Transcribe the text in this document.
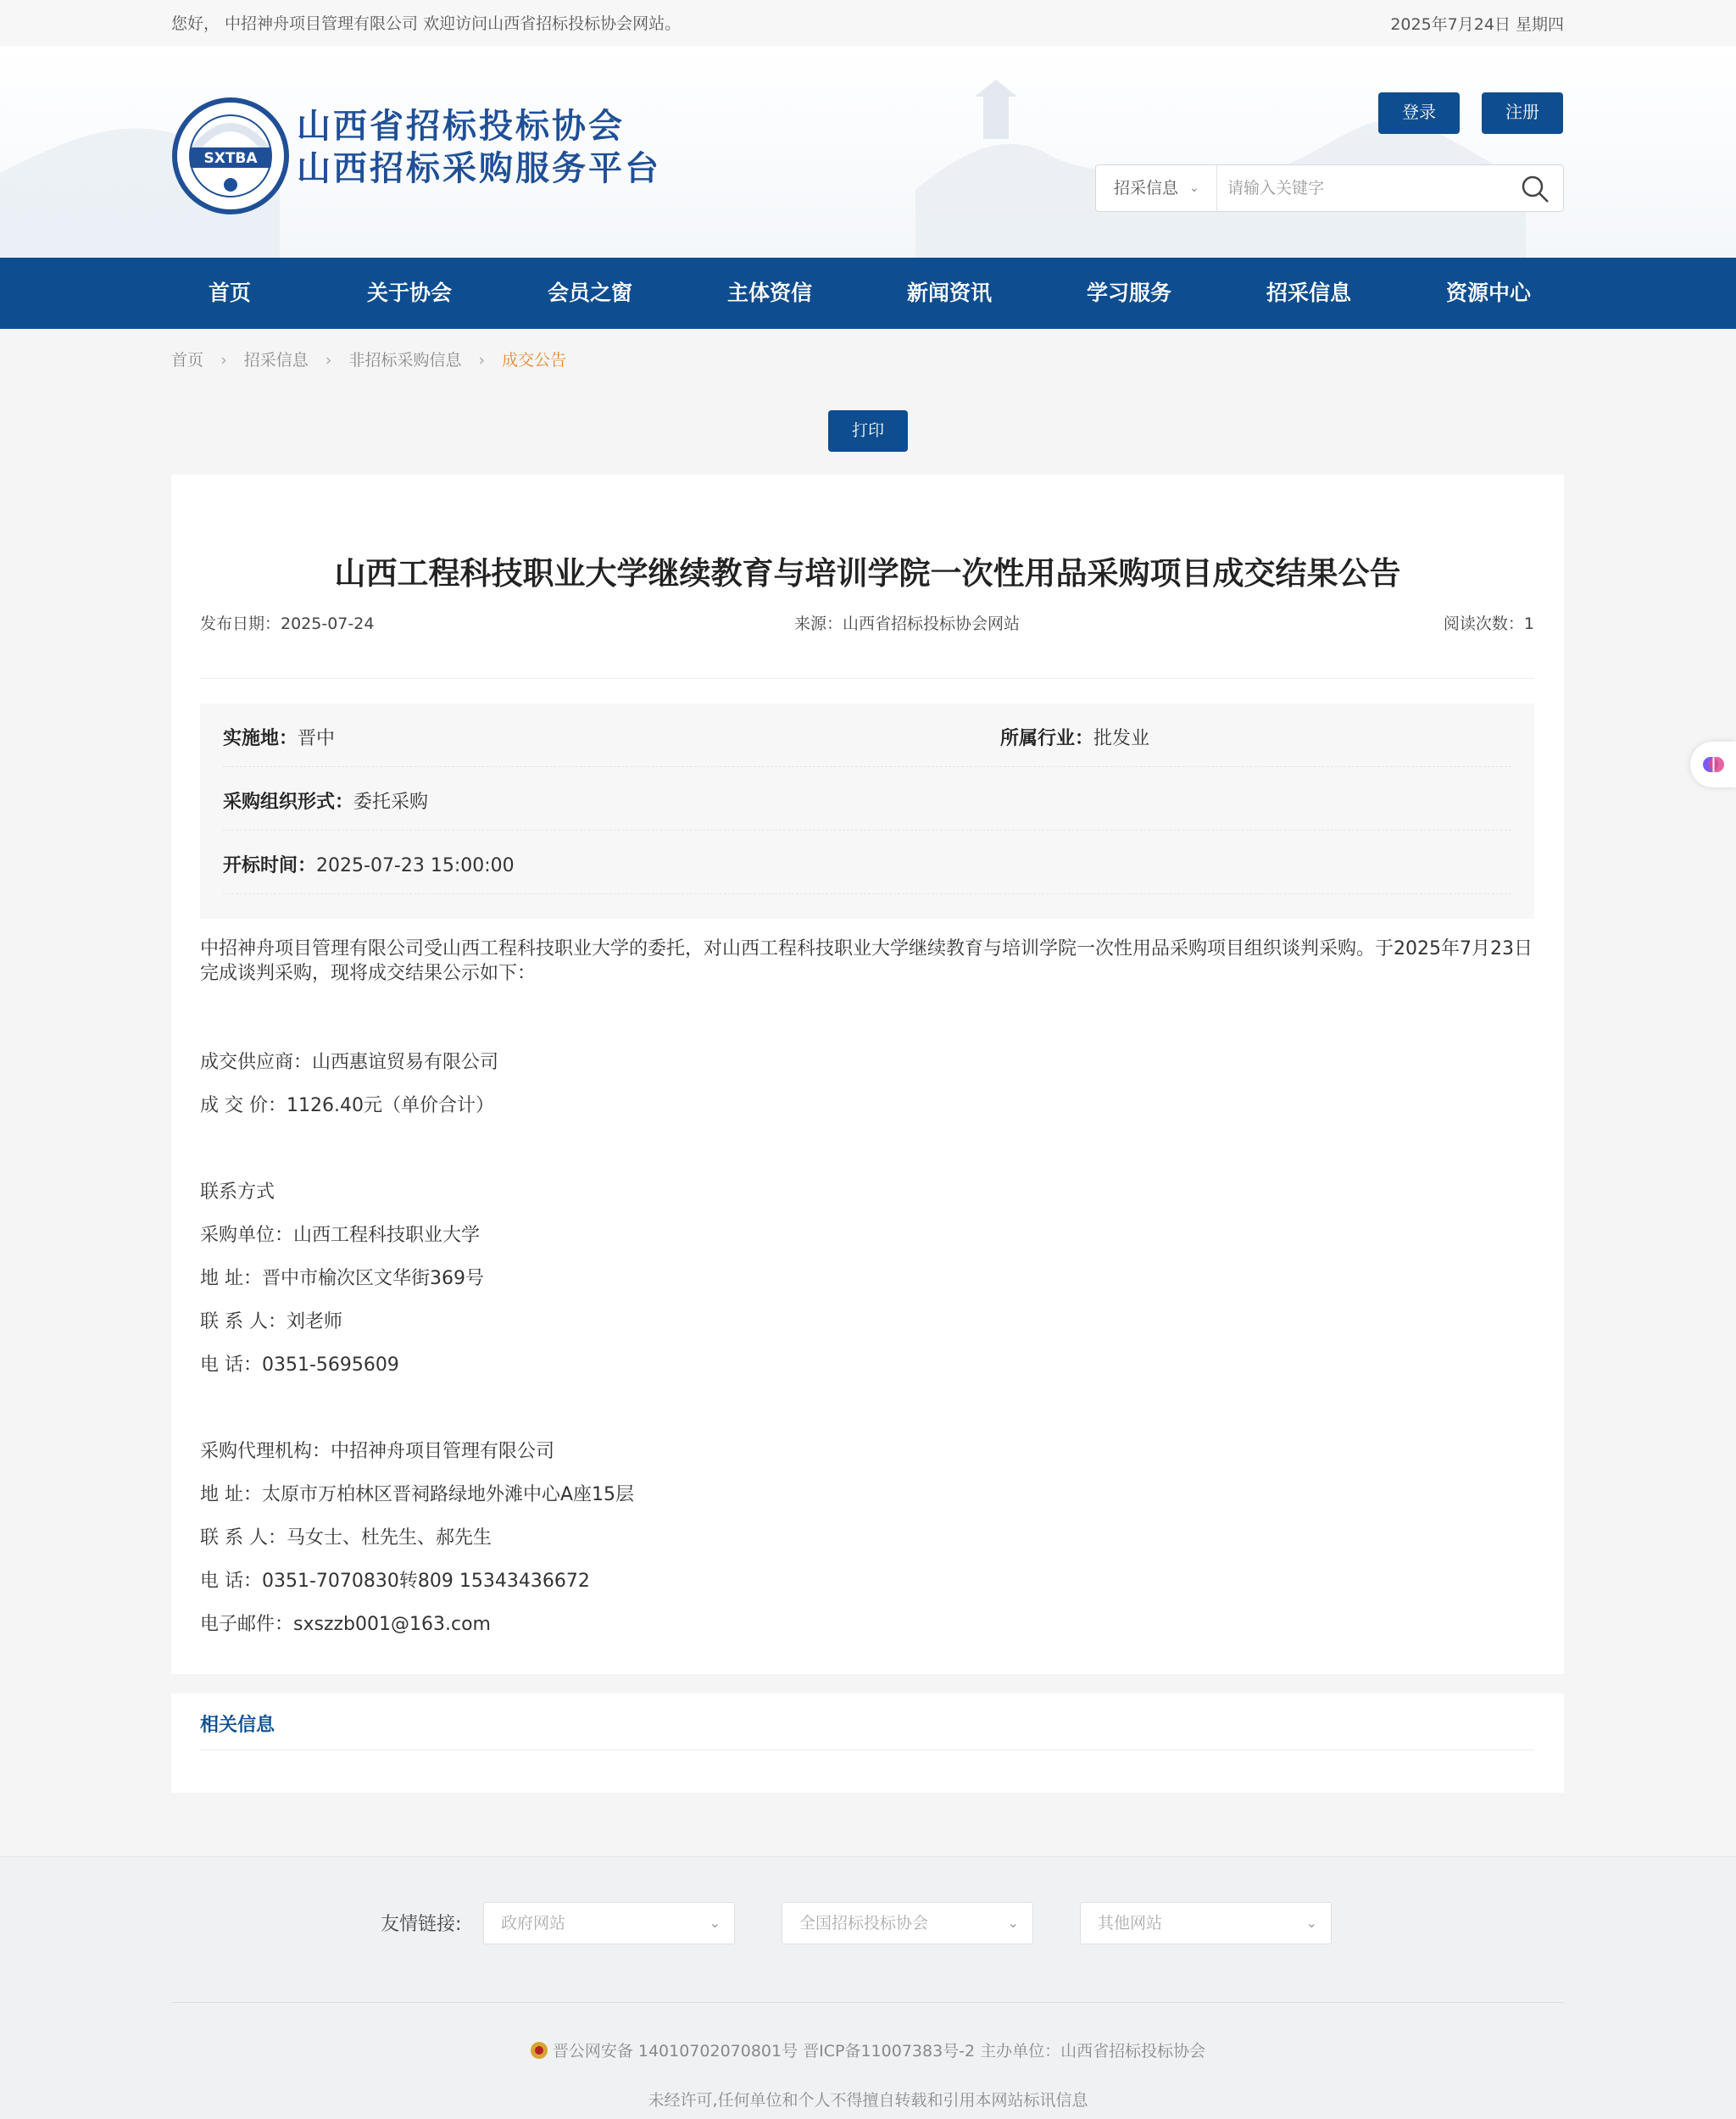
您好， 中招神舟项目管理有限公司 欢迎访问山西省招标投标协会网站。	2025年7月24日 星期四
SXTBA
山西省招标投标协会
山西招标采购服务平台
登录	注册
招采信息 ⌄
请输入关键字
首页	关于协会	会员之窗	主体资信	新闻资讯	学习服务	招采信息	资源中心
首页 › 招采信息 › 非招标采购信息 › 成交公告
打印
山西工程科技职业大学继续教育与培训学院一次性用品采购项目成交结果公告
发布日期：2025-07-24	来源：山西省招标投标协会网站	阅读次数：1
实施地：晋中	所属行业：批发业
采购组织形式：委托采购
开标时间：2025-07-23 15:00:00

中招神舟项目管理有限公司受山西工程科技职业大学的委托，对山西工程科技职业大学继续教育与培训学院一次性用品采购项目组织谈判采购。于2025年7月23日完成谈判采购，现将成交结果公示如下：

成交供应商：山西惠谊贸易有限公司
成 交 价：1126.40元（单价合计）
联系方式
采购单位：山西工程科技职业大学
地 址：晋中市榆次区文华街369号
联 系 人：刘老师
电 话：0351-5695609
采购代理机构：中招神舟项目管理有限公司
地 址：太原市万柏林区晋祠路绿地外滩中心A座15层
联 系 人：马女士、杜先生、郝先生
电 话：0351-7070830转809 15343436672
电子邮件：sxszzb001@163.com
相关信息
友情链接:	政府网站	⌄	全国招标投标协会	⌄	其他网站	⌄
晋公网安备 14010702070801号 晋ICP备11007383号-2 主办单位：山西省招标投标协会
未经许可,任何单位和个人不得擅自转载和引用本网站标讯信息
